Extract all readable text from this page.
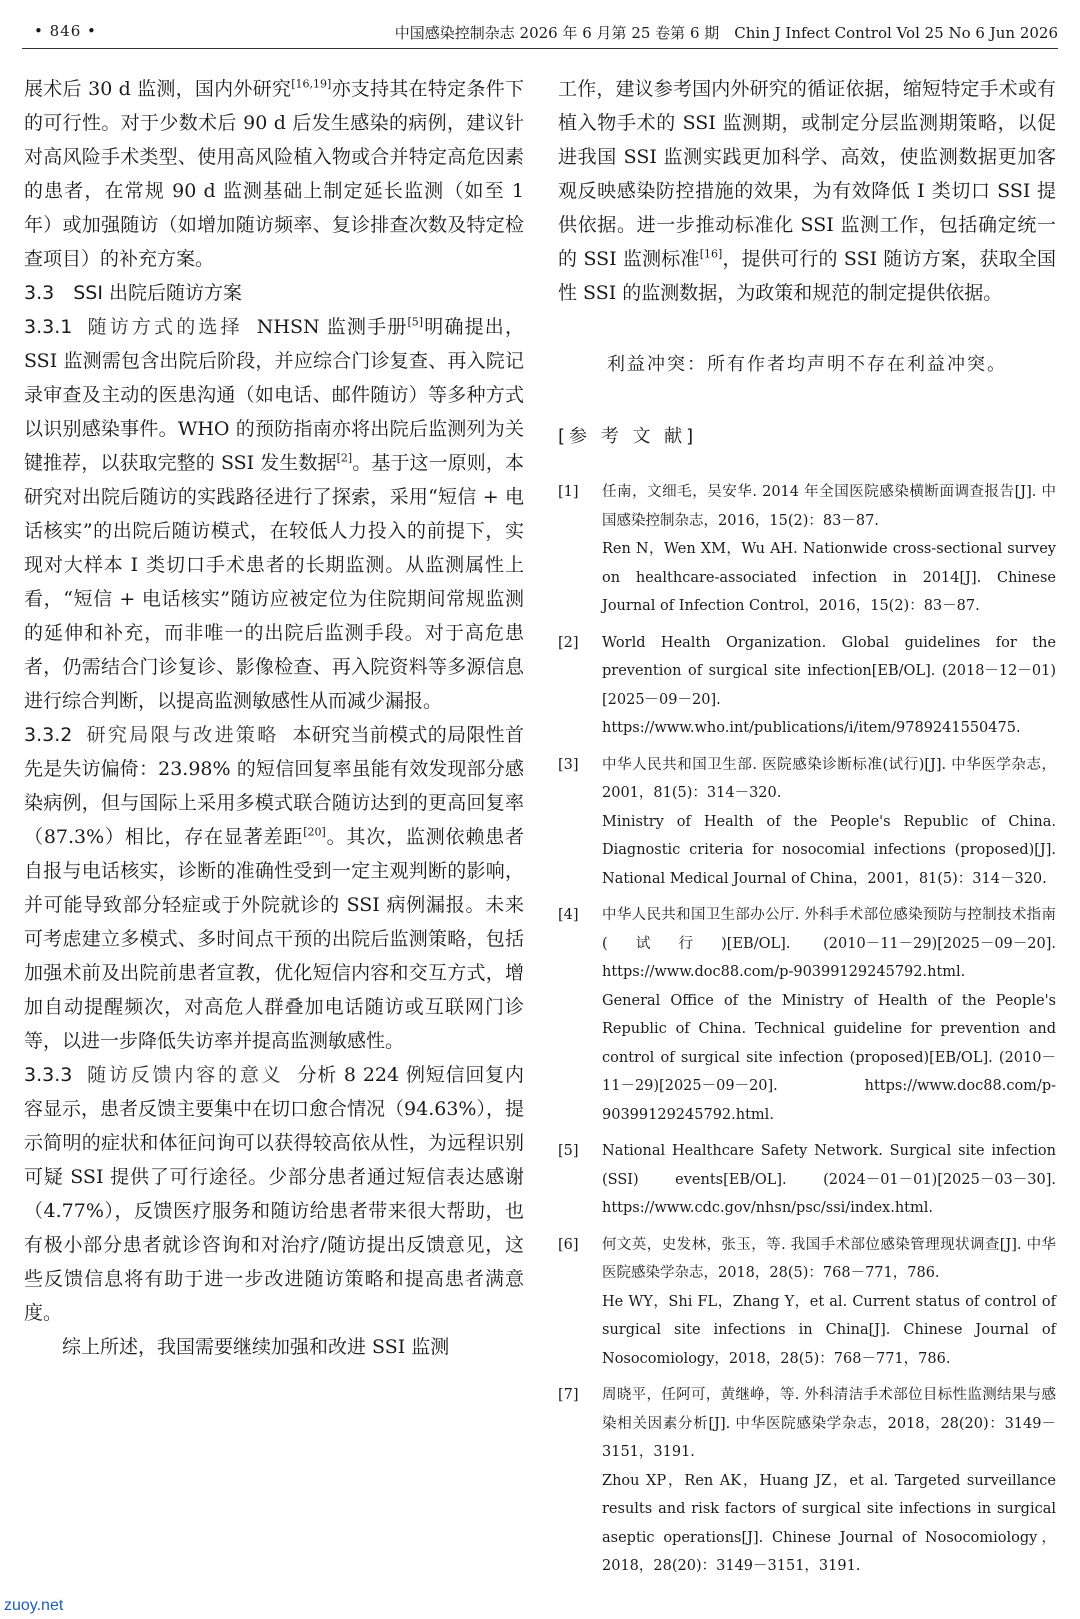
• 846 •	中国感染控制杂志 2026 年 6 月第 25 卷第 6 期　Chin J Infect Control Vol 25 No 6 Jun 2026

展术后 30 d 监测，国内外研究[16,19]亦支持其在特定条件下的可行性。对于少数术后 90 d 后发生感染的病例，建议针对高风险手术类型、使用高风险植入物或合并特定高危因素的患者，在常规 90 d 监测基础上制定延长监测（如至 1 年）或加强随访（如增加随访频率、复诊排查次数及特定检查项目）的补充方案。

3.3　SSI 出院后随访方案

3.3.1 随访方式的选择 NHSN 监测手册[5]明确提出，SSI 监测需包含出院后阶段，并应综合门诊复查、再入院记录审查及主动的医患沟通（如电话、邮件随访）等多种方式以识别感染事件。WHO 的预防指南亦将出院后监测列为关键推荐，以获取完整的 SSI 发生数据[2]。基于这一原则，本研究对出院后随访的实践路径进行了探索，采用“短信 + 电话核实”的出院后随访模式，在较低人力投入的前提下，实现对大样本 Ⅰ 类切口手术患者的长期监测。从监测属性上看，“短信 + 电话核实”随访应被定位为住院期间常规监测的延伸和补充，而非唯一的出院后监测手段。对于高危患者，仍需结合门诊复诊、影像检查、再入院资料等多源信息进行综合判断，以提高监测敏感性从而减少漏报。

3.3.2 研究局限与改进策略 本研究当前模式的局限性首先是失访偏倚：23.98% 的短信回复率虽能有效发现部分感染病例，但与国际上采用多模式联合随访达到的更高回复率（87.3%）相比，存在显著差距[20]。其次，监测依赖患者自报与电话核实，诊断的准确性受到一定主观判断的影响，并可能导致部分轻症或于外院就诊的 SSI 病例漏报。未来可考虑建立多模式、多时间点干预的出院后监测策略，包括加强术前及出院前患者宣教，优化短信内容和交互方式，增加自动提醒频次，对高危人群叠加电话随访或互联网门诊等，以进一步降低失访率并提高监测敏感性。

3.3.3 随访反馈内容的意义 分析 8 224 例短信回复内容显示，患者反馈主要集中在切口愈合情况（94.63%），提示简明的症状和体征问询可以获得较高依从性，为远程识别可疑 SSI 提供了可行途径。少部分患者通过短信表达感谢（4.77%），反馈医疗服务和随访给患者带来很大帮助，也有极小部分患者就诊咨询和对治疗/随访提出反馈意见，这些反馈信息将有助于进一步改进随访策略和提高患者满意度。

综上所述，我国需要继续加强和改进 SSI 监测

工作，建议参考国内外研究的循证依据，缩短特定手术或有植入物手术的 SSI 监测期，或制定分层监测期策略，以促进我国 SSI 监测实践更加科学、高效，使监测数据更加客观反映感染防控措施的效果，为有效降低 Ⅰ 类切口 SSI 提供依据。进一步推动标准化 SSI 监测工作，包括确定统一的 SSI 监测标准[16]，提供可行的 SSI 随访方案，获取全国性 SSI 的监测数据，为政策和规范的制定提供依据。

利益冲突：所有作者均声明不存在利益冲突。

[参 考 文 献]

[1] 任南，文细毛，吴安华. 2014 年全国医院感染横断面调查报告[J]. 中国感染控制杂志，2016，15(2)：83－87.
Ren N，Wen XM，Wu AH. Nationwide cross-sectional survey on healthcare-associated infection in 2014[J]. Chinese Journal of Infection Control，2016，15(2)：83－87.
[2] World Health Organization. Global guidelines for the prevention of surgical site infection[EB/OL]. (2018－12－01)[2025－09－20]. https://www.who.int/publications/i/item/9789241550475.
[3] 中华人民共和国卫生部. 医院感染诊断标准(试行)[J]. 中华医学杂志，2001，81(5)：314－320.
Ministry of Health of the People's Republic of China. Diagnostic criteria for nosocomial infections (proposed)[J]. National Medical Journal of China，2001，81(5)：314－320.
[4] 中华人民共和国卫生部办公厅. 外科手术部位感染预防与控制技术指南(试行)[EB/OL]. (2010－11－29)[2025－09－20]. https://www.doc88.com/p-90399129245792.html.
General Office of the Ministry of Health of the People's Republic of China. Technical guideline for prevention and control of surgical site infection (proposed)[EB/OL]. (2010－11－29)[2025－09－20]. https://www.doc88.com/p-90399129245792.html.
[5] National Healthcare Safety Network. Surgical site infection (SSI) events[EB/OL]. (2024－01－01)[2025－03－30]. https://www.cdc.gov/nhsn/psc/ssi/index.html.
[6] 何文英，史发林，张玉，等. 我国手术部位感染管理现状调查[J]. 中华医院感染学杂志，2018，28(5)：768－771，786.
He WY，Shi FL，Zhang Y，et al. Current status of control of surgical site infections in China[J]. Chinese Journal of Nosocomiology，2018，28(5)：768－771，786.
[7] 周晓平，任阿可，黄继峥，等. 外科清洁手术部位目标性监测结果与感染相关因素分析[J]. 中华医院感染学杂志，2018，28(20)：3149－3151，3191.
Zhou XP，Ren AK，Huang JZ，et al. Targeted surveillance results and risk factors of surgical site infections in surgical aseptic operations[J]. Chinese Journal of Nosocomiology，2018，28(20)：3149－3151，3191.
zuoy.net
